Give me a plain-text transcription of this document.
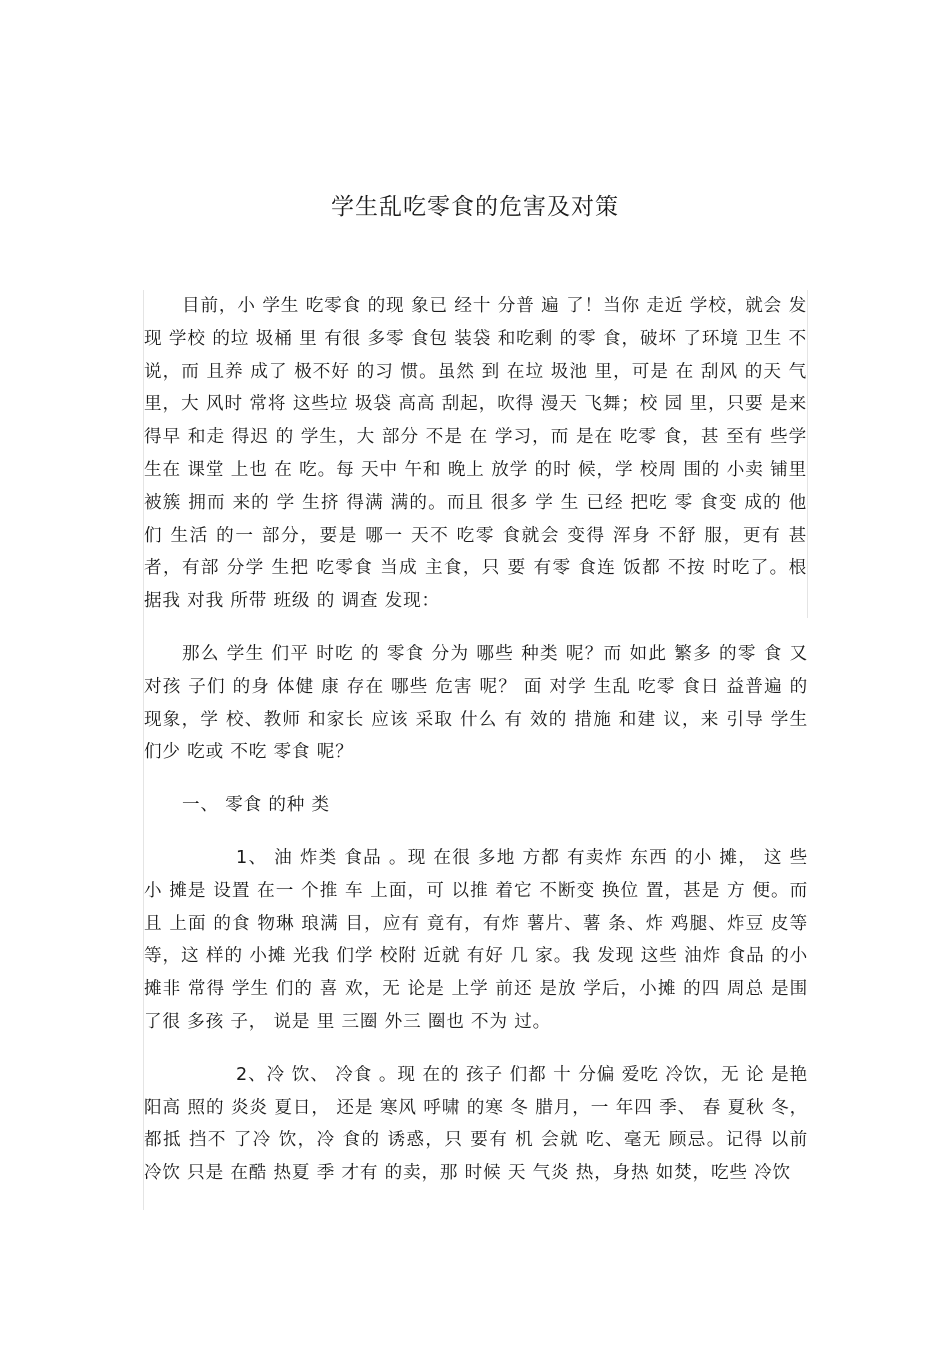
学生乱吃零食的危害及对策

目前，小 学生 吃零食 的现 象已 经十 分普 遍 了！当你 走近 学校，就会 发现 学校 的垃 圾桶 里 有很 多零 食包 装袋 和吃剩 的零 食，破坏 了环境 卫生 不说，而 且养 成了 极不好 的习 惯。虽然 到 在垃 圾池 里，可是 在 刮风 的天 气里，大 风时 常将 这些垃 圾袋 高高 刮起，吹得 漫天 飞舞；校 园 里，只要 是来 得早 和走 得迟 的 学生，大 部分 不是 在 学习，而 是在 吃零 食，甚 至有 些学 生在 课堂 上也 在 吃。每 天中 午和 晚上 放学 的时 候，学 校周 围的 小卖 铺里 被簇 拥而 来的 学 生挤 得满 满的。而且 很多 学 生 已经 把吃 零 食变 成的 他们 生活 的一 部分，要是 哪一 天不 吃零 食就会 变得 浑身 不舒 服，更有 甚者，有部 分学 生把 吃零食 当成 主食，只 要 有零 食连 饭都 不按 时吃了。根 据我 对我 所带 班级 的 调查 发现：

那么 学生 们平 时吃 的 零食 分为 哪些 种类 呢？而 如此 繁多 的零 食 又 对孩 子们 的身 体健 康 存在 哪些 危害 呢？ 面 对学 生乱 吃零 食日 益普遍 的 现象，学 校、教师 和家长 应该 采取 什么 有 效的 措施 和建 议，来 引导 学生 们少 吃或 不吃 零食 呢？

一、 零食 的种 类

1、 油 炸类 食品 。现 在很 多地 方都 有卖炸 东西 的小 摊， 这 些小 摊是 设置 在一 个推 车 上面，可 以推 着它 不断变 换位 置，甚是 方 便。而且 上面 的食 物琳 琅满 目，应有 竟有，有炸 薯片、薯 条、炸 鸡腿、炸豆 皮等 等，这 样的 小摊 光我 们学 校附 近就 有好 几 家。我 发现 这些 油炸 食品 的小 摊非 常得 学生 们的 喜 欢，无 论是 上学 前还 是放 学后，小摊 的四 周总 是围 了很 多孩 子， 说是 里 三圈 外三 圈也 不为 过。

2、冷 饮、 冷食 。现 在的 孩子 们都 十 分偏 爱吃 冷饮，无 论 是艳 阳高 照的 炎炎 夏日， 还是 寒风 呼啸 的寒 冬 腊月，一 年四 季、 春 夏秋 冬，都抵 挡不 了冷 饮，冷 食的 诱惑，只 要有 机 会就 吃、毫无 顾忌。记得 以前 冷饮 只是 在酷 热夏 季 才有 的卖，那 时候 天 气炎 热，身热 如焚，吃些 冷饮
